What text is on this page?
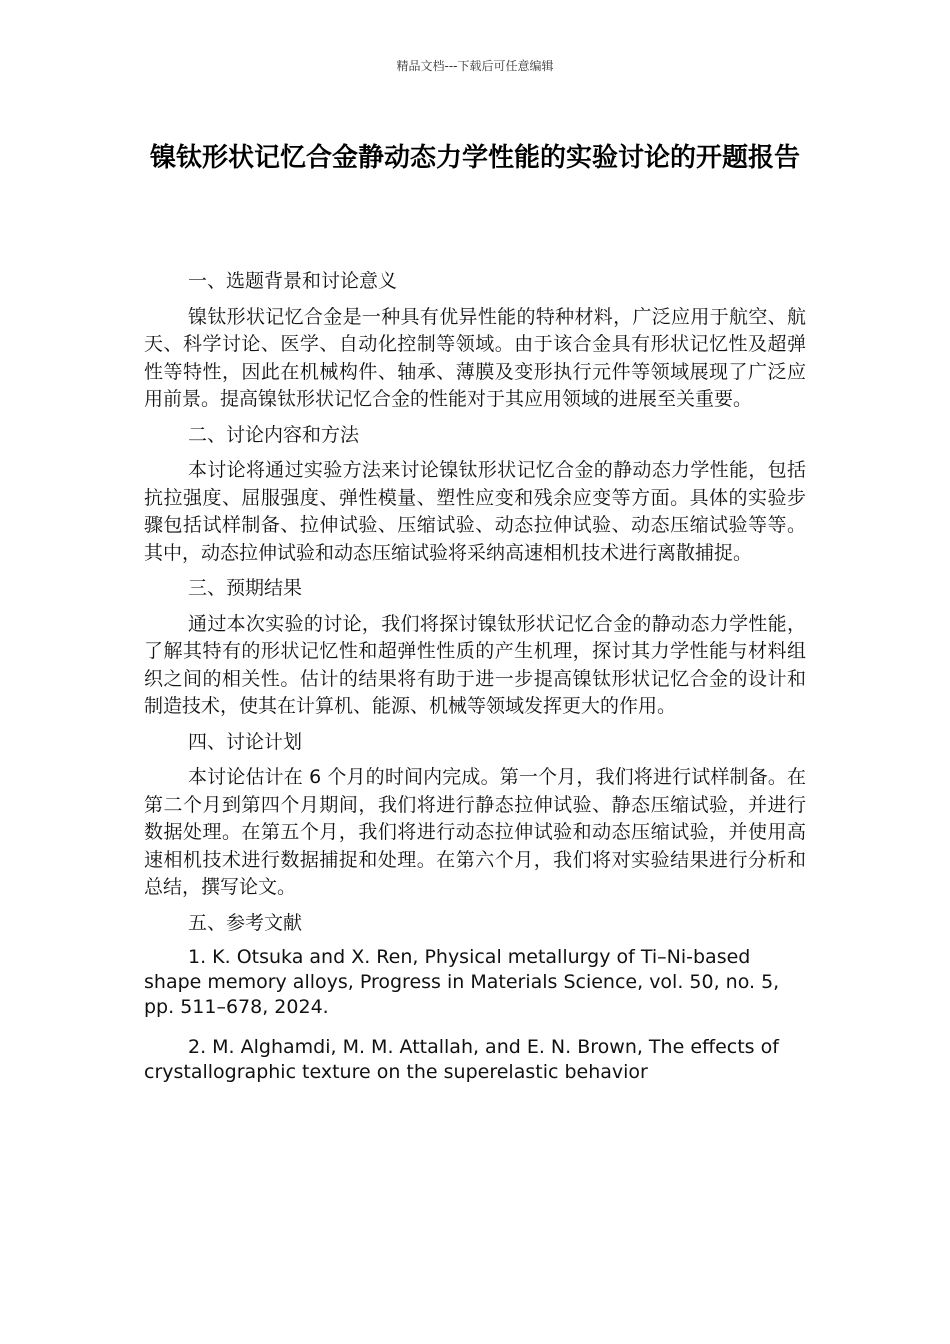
精品文档---下载后可任意编辑
镍钛形状记忆合金静动态力学性能的实验讨论的开题报告

一、选题背景和讨论意义

镍钛形状记忆合金是一种具有优异性能的特种材料，广泛应用于航空、航天、科学讨论、医学、自动化控制等领域。由于该合金具有形状记忆性及超弹性等特性，因此在机械构件、轴承、薄膜及变形执行元件等领域展现了广泛应用前景。提高镍钛形状记忆合金的性能对于其应用领域的进展至关重要。

二、讨论内容和方法

本讨论将通过实验方法来讨论镍钛形状记忆合金的静动态力学性能，包括抗拉强度、屈服强度、弹性模量、塑性应变和残余应变等方面。具体的实验步骤包括试样制备、拉伸试验、压缩试验、动态拉伸试验、动态压缩试验等等。其中，动态拉伸试验和动态压缩试验将采纳高速相机技术进行离散捕捉。

三、预期结果

通过本次实验的讨论，我们将探讨镍钛形状记忆合金的静动态力学性能，了解其特有的形状记忆性和超弹性性质的产生机理，探讨其力学性能与材料组织之间的相关性。估计的结果将有助于进一步提高镍钛形状记忆合金的设计和制造技术，使其在计算机、能源、机械等领域发挥更大的作用。

四、讨论计划

本讨论估计在 6 个月的时间内完成。第一个月，我们将进行试样制备。在第二个月到第四个月期间，我们将进行静态拉伸试验、静态压缩试验，并进行数据处理。在第五个月，我们将进行动态拉伸试验和动态压缩试验，并使用高速相机技术进行数据捕捉和处理。在第六个月，我们将对实验结果进行分析和总结，撰写论文。

五、参考文献

1. K. Otsuka and X. Ren, Physical metallurgy of Ti–Ni-based shape memory alloys, Progress in Materials Science, vol. 50, no. 5, pp. 511–678, 2024.

2. M. Alghamdi, M. M. Attallah, and E. N. Brown, The effects of crystallographic texture on the superelastic behavior
